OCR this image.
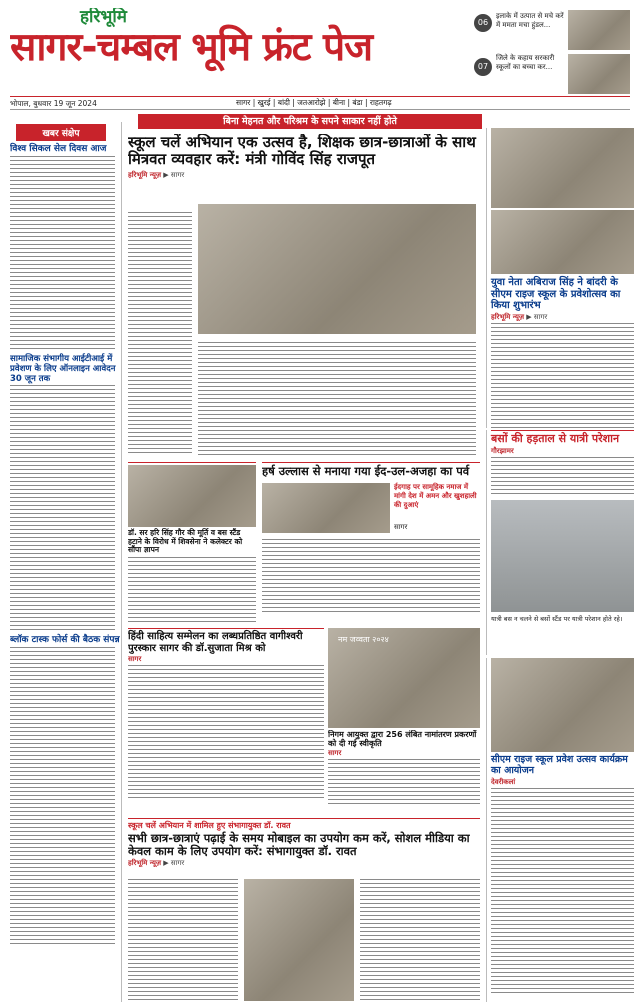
हरिभूमि
सागर-चम्बल भूमि फ्रंट पेज
भोपाल, बुधवार 19 जून 2024	सागर | खुरई | बांदी | जतआरोझे | बीना | बंडा | राहतगढ़
06
इलाके में उत्पात से मचे करें में ममता मचा हुंडल...
07
जिले के कहाय सरकारी स्कूलों का बच्चा कर...
बिना मेहनत और परिश्रम के सपने साकार नहीं होते
खबर संक्षेप
विश्व सिकल सेल दिवस आज
सामाजिक संभागीय आईटीआई में प्रवेशण के लिए ऑनलाइन आवेदन 30 जून तक
ब्लॉक टास्क फोर्स की बैठक संपन्न
स्कूल चलें अभियान एक उत्सव है, शिक्षक छात्र-छात्राओं के साथ मित्रवत व्यवहार करें: मंत्री गोविंद सिंह राजपूत
हरिभूमि न्यूज़ ▶ सागर
युवा नेता अबिराज सिंह ने बांदरी के सीएम राइज स्कूल के प्रवेशोत्सव का किया शुभारंभ
हरिभूमि न्यूज़ ▶ सागर
बसों की हड़ताल से यात्री परेशान
गौरझामर
यात्री बस न चलने से बसों स्टैंड पर यात्री परेशान होते रहे।
सीएम राइज स्कूल प्रवेश उत्सव कार्यक्रम का आयोजन
देवरीकलां
डॉ. सर हरि सिंह गौर की मूर्ति व बस स्टैंड हटाने के विरोध में शिवसेना ने कलेक्टर को सौंपा ज्ञापन
हर्ष उल्लास से मनाया गया ईद-उल-अजहा का पर्व
ईदगाह पर सामूहिक नमाज में मांगी देश में अमन और खुशहाली की दुआएं
सागर
हिंदी साहित्य सम्मेलन का लब्धप्रतिष्ठित वागीश्वरी पुरस्कार सागर की डॉ.सुजाता मिश्र को
सागर
नम जव्वता २०२४
निगम आयुक्त द्वारा 256 लंबित नामांतरण प्रकरणों को दी गई स्वीकृति
सागर
स्कूल चलें अभियान में शामिल हुए संभागायुक्त डॉ. रावत
सभी छात्र-छात्राएं पढ़ाई के समय मोबाइल का उपयोग कम करें, सोशल मीडिया का केवल काम के लिए उपयोग करें: संभागायुक्त डॉ. रावत
हरिभूमि न्यूज़ ▶ सागर
